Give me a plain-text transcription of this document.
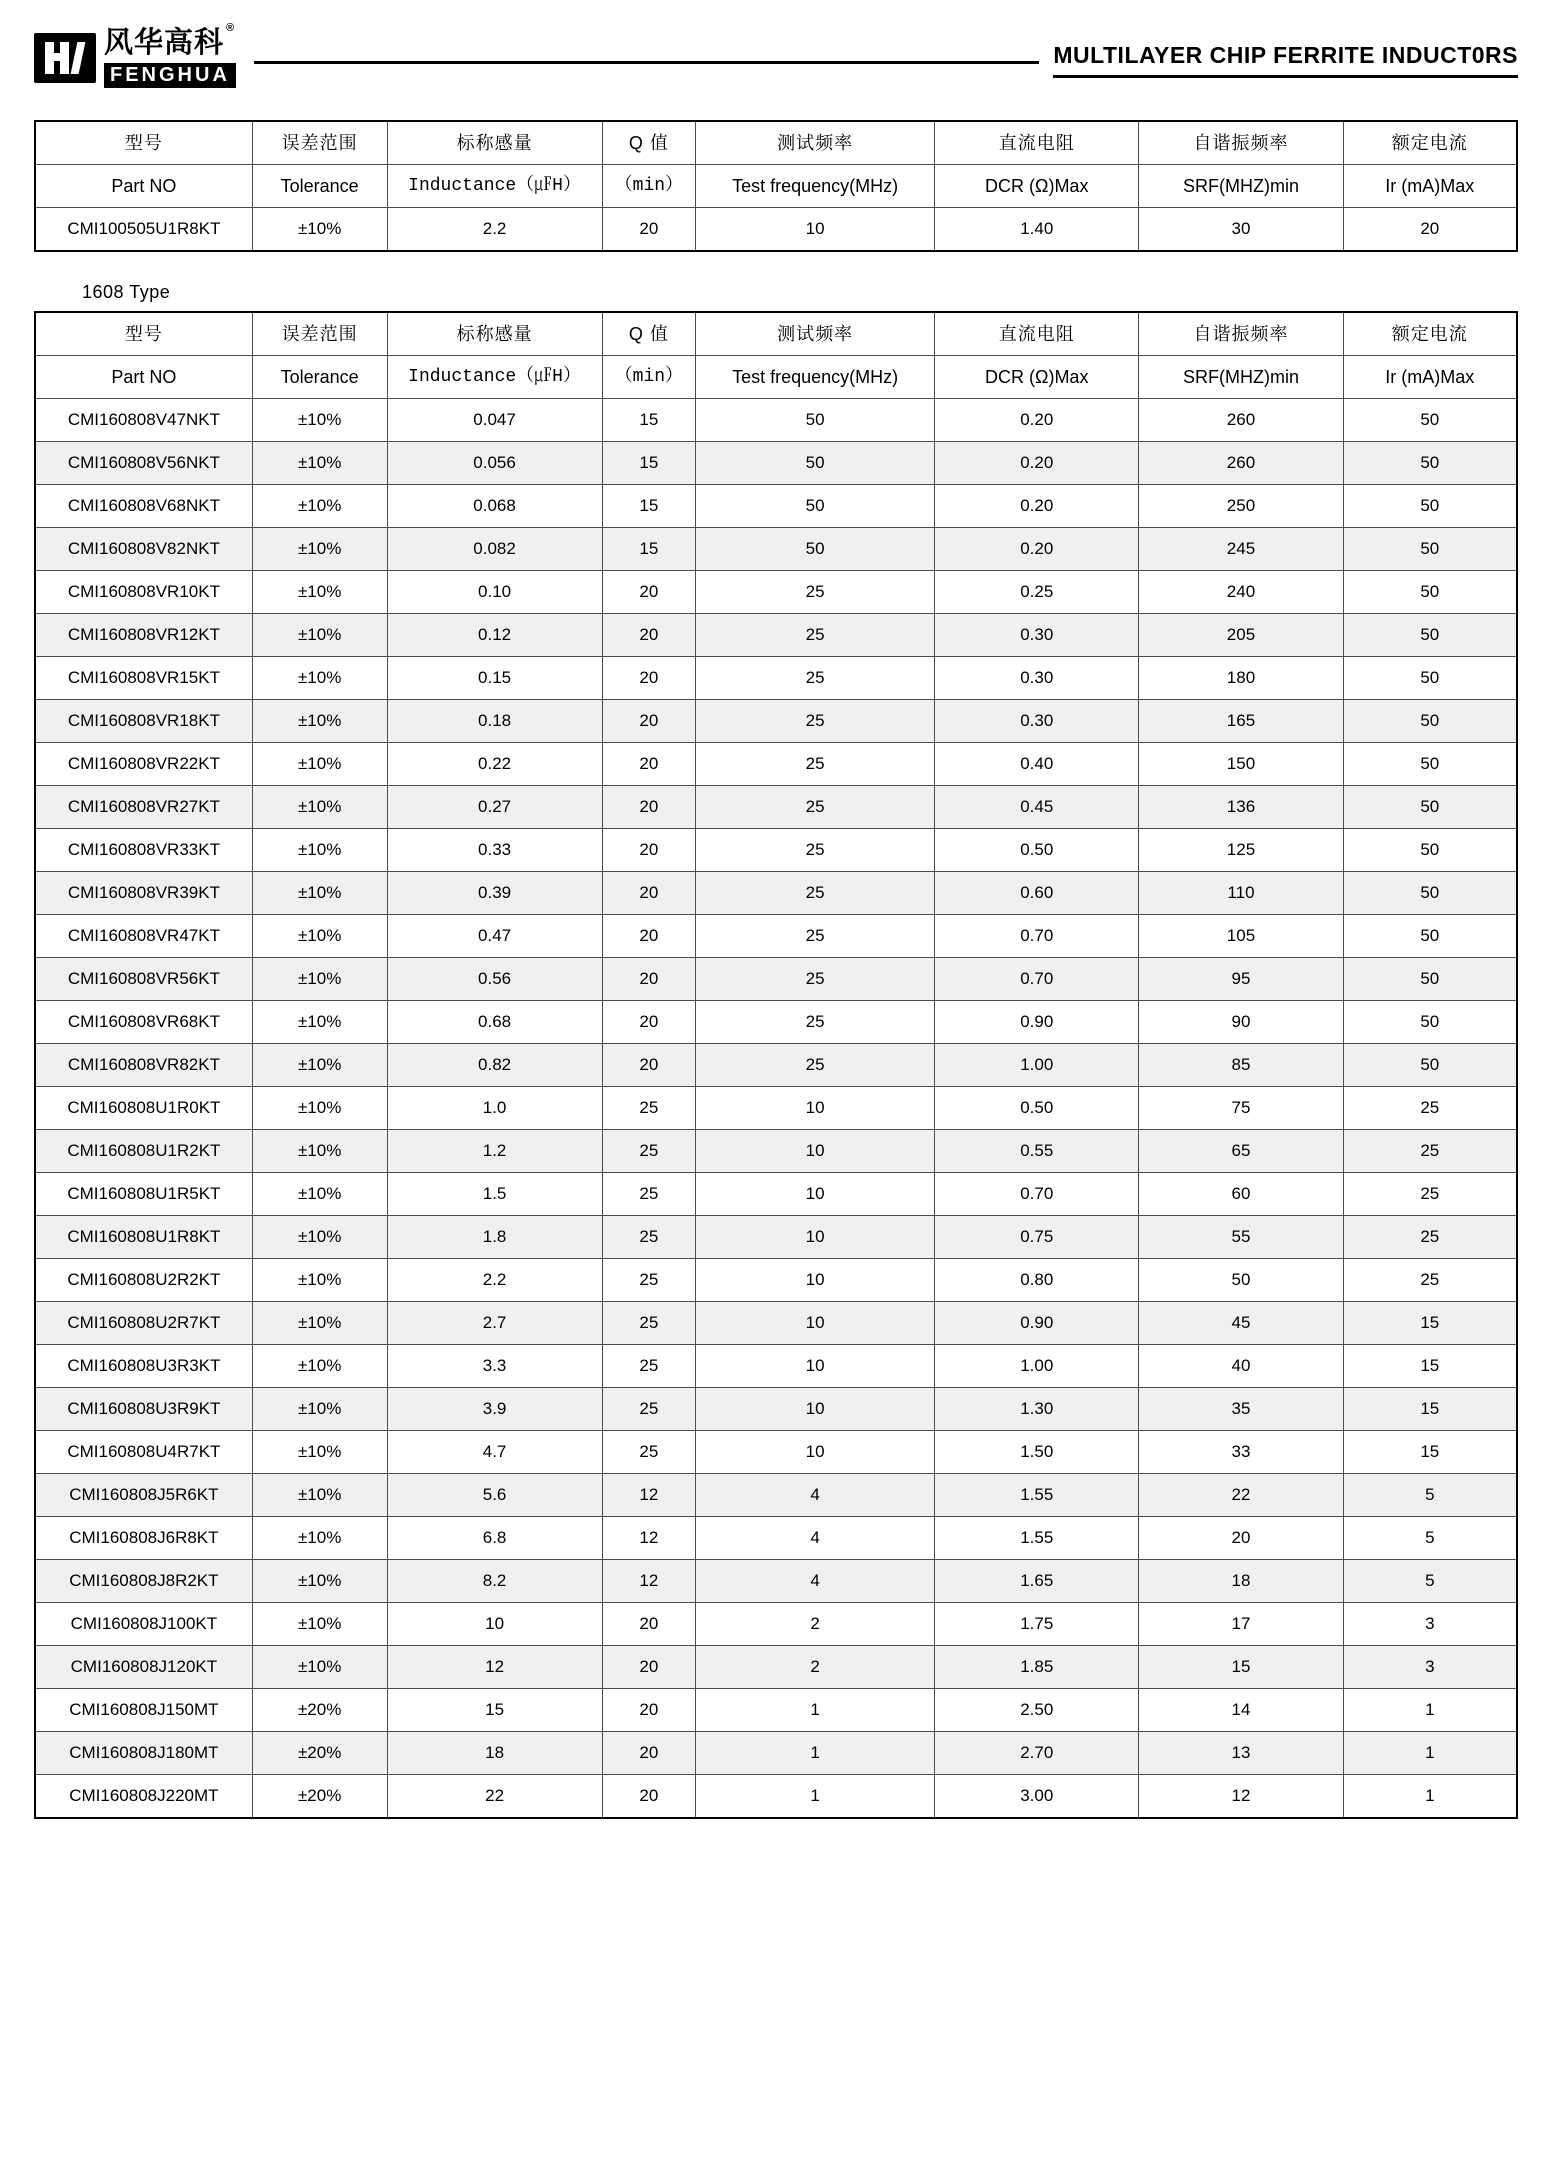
风华高科 ®
FENGHUA
MULTILAYER CHIP FERRITE INDUCT0RS
型号	误差范围	标称感量	Q 值	测试频率	直流电阻	自谐振频率	额定电流
Part NO	Tolerance	Inductance（㎌H）	（min）	Test frequency(MHz)	DCR (Ω)Max	SRF(MHZ)min	Ir (mA)Max
CMI100505U1R8KT	±10%	2.2	20	10	1.40	30	20
1608 Type
型号	误差范围	标称感量	Q 值	测试频率	直流电阻	自谐振频率	额定电流
Part NO	Tolerance	Inductance（㎌H）	（min）	Test frequency(MHz)	DCR (Ω)Max	SRF(MHZ)min	Ir (mA)Max
CMI160808V47NKT	±10%	0.047	15	50	0.20	260	50
CMI160808V56NKT	±10%	0.056	15	50	0.20	260	50
CMI160808V68NKT	±10%	0.068	15	50	0.20	250	50
CMI160808V82NKT	±10%	0.082	15	50	0.20	245	50
CMI160808VR10KT	±10%	0.10	20	25	0.25	240	50
CMI160808VR12KT	±10%	0.12	20	25	0.30	205	50
CMI160808VR15KT	±10%	0.15	20	25	0.30	180	50
CMI160808VR18KT	±10%	0.18	20	25	0.30	165	50
CMI160808VR22KT	±10%	0.22	20	25	0.40	150	50
CMI160808VR27KT	±10%	0.27	20	25	0.45	136	50
CMI160808VR33KT	±10%	0.33	20	25	0.50	125	50
CMI160808VR39KT	±10%	0.39	20	25	0.60	110	50
CMI160808VR47KT	±10%	0.47	20	25	0.70	105	50
CMI160808VR56KT	±10%	0.56	20	25	0.70	95	50
CMI160808VR68KT	±10%	0.68	20	25	0.90	90	50
CMI160808VR82KT	±10%	0.82	20	25	1.00	85	50
CMI160808U1R0KT	±10%	1.0	25	10	0.50	75	25
CMI160808U1R2KT	±10%	1.2	25	10	0.55	65	25
CMI160808U1R5KT	±10%	1.5	25	10	0.70	60	25
CMI160808U1R8KT	±10%	1.8	25	10	0.75	55	25
CMI160808U2R2KT	±10%	2.2	25	10	0.80	50	25
CMI160808U2R7KT	±10%	2.7	25	10	0.90	45	15
CMI160808U3R3KT	±10%	3.3	25	10	1.00	40	15
CMI160808U3R9KT	±10%	3.9	25	10	1.30	35	15
CMI160808U4R7KT	±10%	4.7	25	10	1.50	33	15
CMI160808J5R6KT	±10%	5.6	12	4	1.55	22	5
CMI160808J6R8KT	±10%	6.8	12	4	1.55	20	5
CMI160808J8R2KT	±10%	8.2	12	4	1.65	18	5
CMI160808J100KT	±10%	10	20	2	1.75	17	3
CMI160808J120KT	±10%	12	20	2	1.85	15	3
CMI160808J150MT	±20%	15	20	1	2.50	14	1
CMI160808J180MT	±20%	18	20	1	2.70	13	1
CMI160808J220MT	±20%	22	20	1	3.00	12	1
